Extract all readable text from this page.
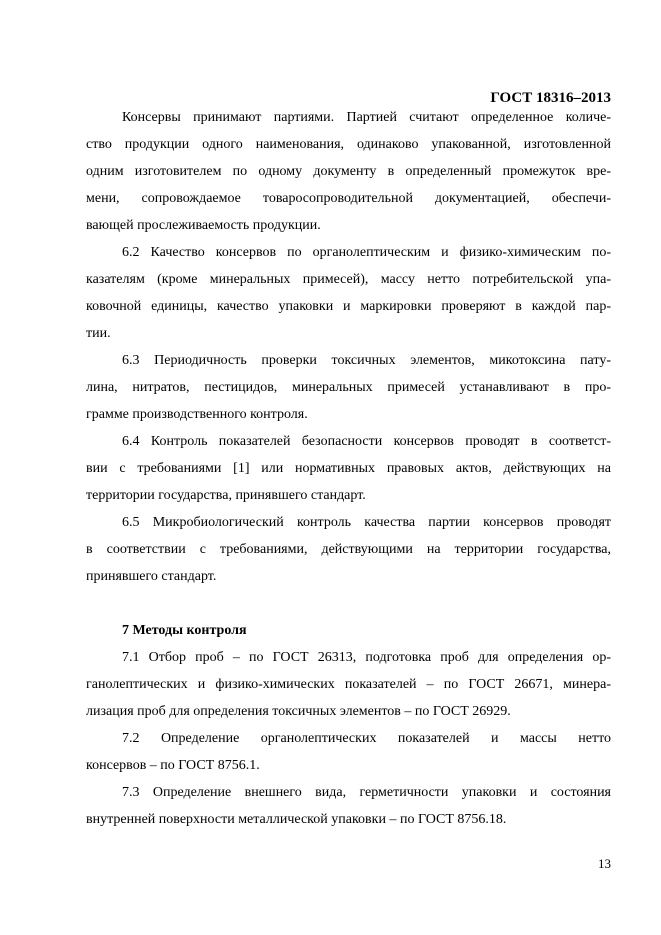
ГОСТ 18316–2013
Консервы принимают партиями. Партией считают определенное количе-
ство продукции одного наименования, одинаково упакованной, изготовленной
одним изготовителем по одному документу в определенный промежуток вре-
мени, сопровождаемое товаросопроводительной документацией, обеспечи-
вающей прослеживаемость продукции.
6.2 Качество консервов по органолептическим и физико-химическим по-
казателям (кроме минеральных примесей), массу нетто потребительской упа-
ковочной единицы, качество упаковки и маркировки проверяют в каждой пар-
тии.
6.3 Периодичность проверки токсичных элементов, микотоксина пату-
лина, нитратов, пестицидов, минеральных примесей устанавливают в про-
грамме производственного контроля.
6.4 Контроль показателей безопасности консервов проводят в соответст-
вии с требованиями [1] или нормативных правовых актов, действующих на
территории государства, принявшего стандарт.
6.5 Микробиологический контроль качества партии консервов проводят
в соответствии с требованиями, действующими на территории государства,
принявшего стандарт.
7 Методы контроля
7.1 Отбор проб – по ГОСТ 26313, подготовка проб для определения ор-
ганолептических и физико-химических показателей – по ГОСТ 26671, минера-
лизация проб для определения токсичных элементов – по ГОСТ 26929.
7.2 Определение органолептических показателей и массы нетто
консервов – по ГОСТ 8756.1.
7.3 Определение внешнего вида, герметичности упаковки и состояния
внутренней поверхности металлической упаковки – по ГОСТ 8756.18.
13
